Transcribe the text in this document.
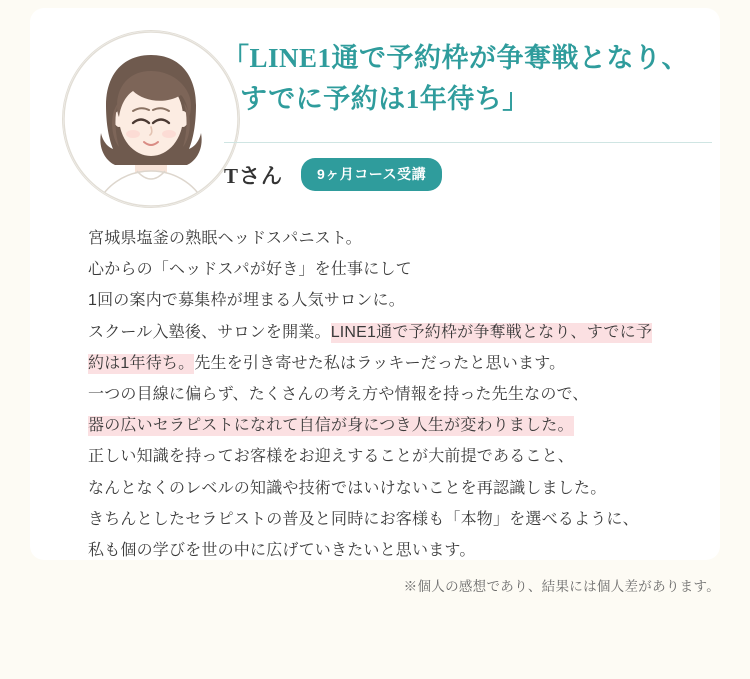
「LINE1通で予約枠が争奪戦となり、
すでに予約は1年待ち」
Tさん	9ヶ月コース受講

宮城県塩釜の熟眠ヘッドスパニスト。

心からの「ヘッドスパが好き」を仕事にして

1回の案内で募集枠が埋まる人気サロンに。

スクール入塾後、サロンを開業。LINE1通で予約枠が争奪戦となり、すでに予

約は1年待ち。先生を引き寄せた私はラッキーだったと思います。

一つの目線に偏らず、たくさんの考え方や情報を持った先生なので、

器の広いセラピストになれて自信が身につき人生が変わりました。

正しい知識を持ってお客様をお迎えすることが大前提であること、

なんとなくのレベルの知識や技術ではいけないことを再認識しました。

きちんとしたセラピストの普及と同時にお客様も「本物」を選べるように、

私も個の学びを世の中に広げていきたいと思います。

※個人の感想であり、結果には個人差があります。
